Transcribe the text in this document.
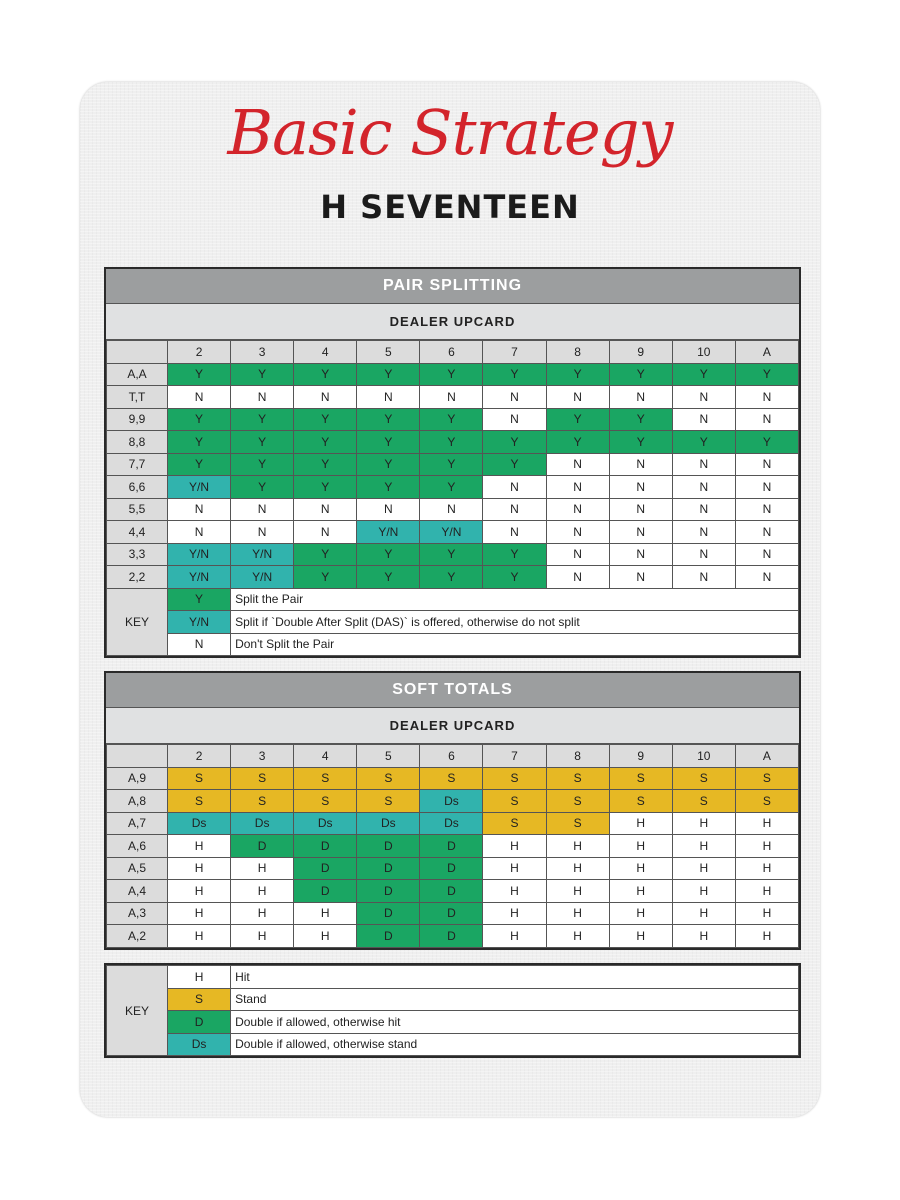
Basic Strategy
H SEVENTEEN
PAIR SPLITTING
DEALER UPCARD
	2	3	4	5	6	7	8	9	10	A
A,A	Y	Y	Y	Y	Y	Y	Y	Y	Y	Y
T,T	N	N	N	N	N	N	N	N	N	N
9,9	Y	Y	Y	Y	Y	N	Y	Y	N	N
8,8	Y	Y	Y	Y	Y	Y	Y	Y	Y	Y
7,7	Y	Y	Y	Y	Y	Y	N	N	N	N
6,6	Y/N	Y	Y	Y	Y	N	N	N	N	N
5,5	N	N	N	N	N	N	N	N	N	N
4,4	N	N	N	Y/N	Y/N	N	N	N	N	N
3,3	Y/N	Y/N	Y	Y	Y	Y	N	N	N	N
2,2	Y/N	Y/N	Y	Y	Y	Y	N	N	N	N
KEY	Y	Split the Pair								
	Y/N	Split if `Double After Split (DAS)` is offered, otherwise do not split								
	N	Don't Split the Pair								
SOFT TOTALS
DEALER UPCARD
	2	3	4	5	6	7	8	9	10	A
A,9	S	S	S	S	S	S	S	S	S	S
A,8	S	S	S	S	Ds	S	S	S	S	S
A,7	Ds	Ds	Ds	Ds	Ds	S	S	H	H	H
A,6	H	D	D	D	D	H	H	H	H	H
A,5	H	H	D	D	D	H	H	H	H	H
A,4	H	H	D	D	D	H	H	H	H	H
A,3	H	H	H	D	D	H	H	H	H	H
A,2	H	H	H	D	D	H	H	H	H	H
KEY	H	Hit
	S	Stand
	D	Double if allowed, otherwise hit
	Ds	Double if allowed, otherwise stand
